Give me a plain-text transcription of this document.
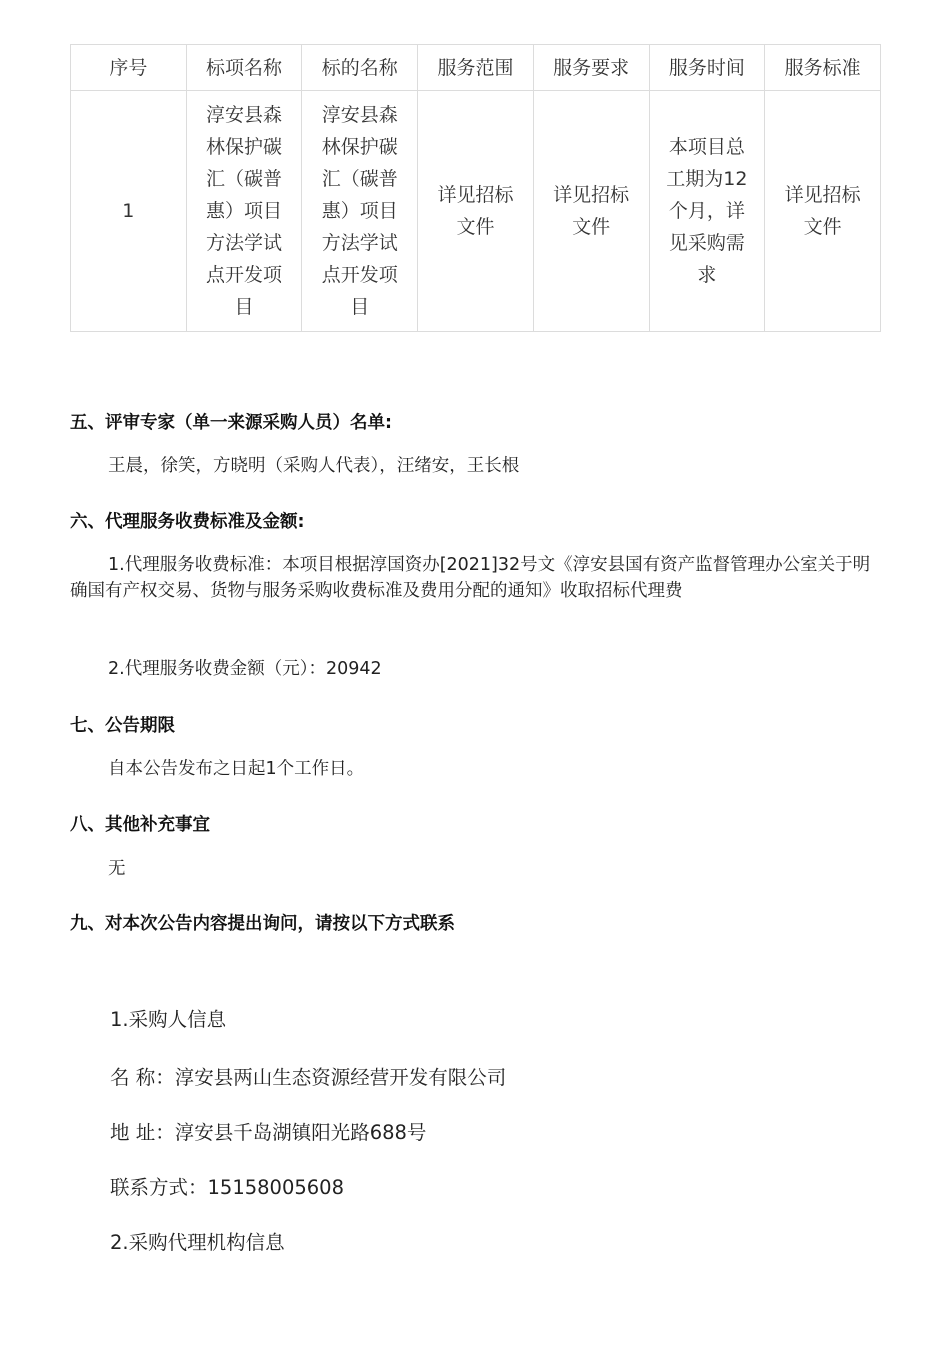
序号	标项名称	标的名称	服务范围	服务要求	服务时间	服务标准
1	淳安县森林保护碳汇（碳普惠）项目方法学试点开发项目	淳安县森林保护碳汇（碳普惠）项目方法学试点开发项目	详见招标文件	详见招标文件	本项目总工期为12个月，详见采购需求	详见招标文件
五、评审专家（单一来源采购人员）名单:
王晨，徐笑，方晓明（采购人代表），汪绪安，王长根
六、代理服务收费标准及金额:
1.代理服务收费标准：本项目根据淳国资办[2021]32号文《淳安县国有资产监督管理办公室关于明确国有产权交易、货物与服务采购收费标准及费用分配的通知》收取招标代理费
2.代理服务收费金额（元）：20942
七、公告期限
自本公告发布之日起1个工作日。
八、其他补充事宜
无
九、对本次公告内容提出询问，请按以下方式联系
1.采购人信息
名 称：淳安县两山生态资源经营开发有限公司
地 址：淳安县千岛湖镇阳光路688号
联系方式：15158005608
2.采购代理机构信息
